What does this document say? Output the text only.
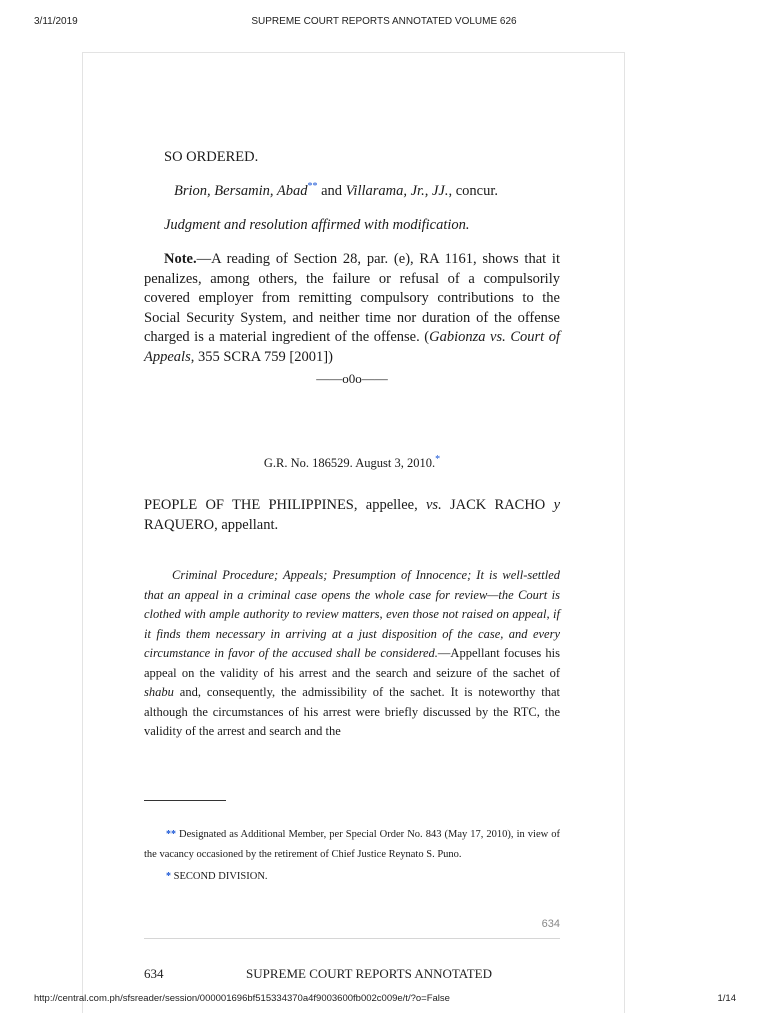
3/11/2019	SUPREME COURT REPORTS ANNOTATED VOLUME 626
SO ORDERED.
Brion, Bersamin, Abad** and Villarama, Jr., JJ., concur.
Judgment and resolution affirmed with modification.
Note.—A reading of Section 28, par. (e), RA 1161, shows that it penalizes, among others, the failure or refusal of a compulsorily covered employer from remitting compulsory contributions to the Social Security System, and neither time nor duration of the offense charged is a material ingredient of the offense. (Gabionza vs. Court of Appeals, 355 SCRA 759 [2001])
——o0o——
G.R. No. 186529. August 3, 2010.*
PEOPLE OF THE PHILIPPINES, appellee, vs. JACK RACHO y RAQUERO, appellant.
Criminal Procedure; Appeals; Presumption of Innocence; It is well-settled that an appeal in a criminal case opens the whole case for review—the Court is clothed with ample authority to review matters, even those not raised on appeal, if it finds them necessary in arriving at a just disposition of the case, and every circumstance in favor of the accused shall be considered.—Appellant focuses his appeal on the validity of his arrest and the search and seizure of the sachet of shabu and, consequently, the admissibility of the sachet. It is noteworthy that although the circumstances of his arrest were briefly discussed by the RTC, the validity of the arrest and search and the
** Designated as Additional Member, per Special Order No. 843 (May 17, 2010), in view of the vacancy occasioned by the retirement of Chief Justice Reynato S. Puno.
* SECOND DIVISION.
634
634	SUPREME COURT REPORTS ANNOTATED
http://central.com.ph/sfsreader/session/000001696bf515334370a4f9003600fb002c009e/t/?o=False	1/14
